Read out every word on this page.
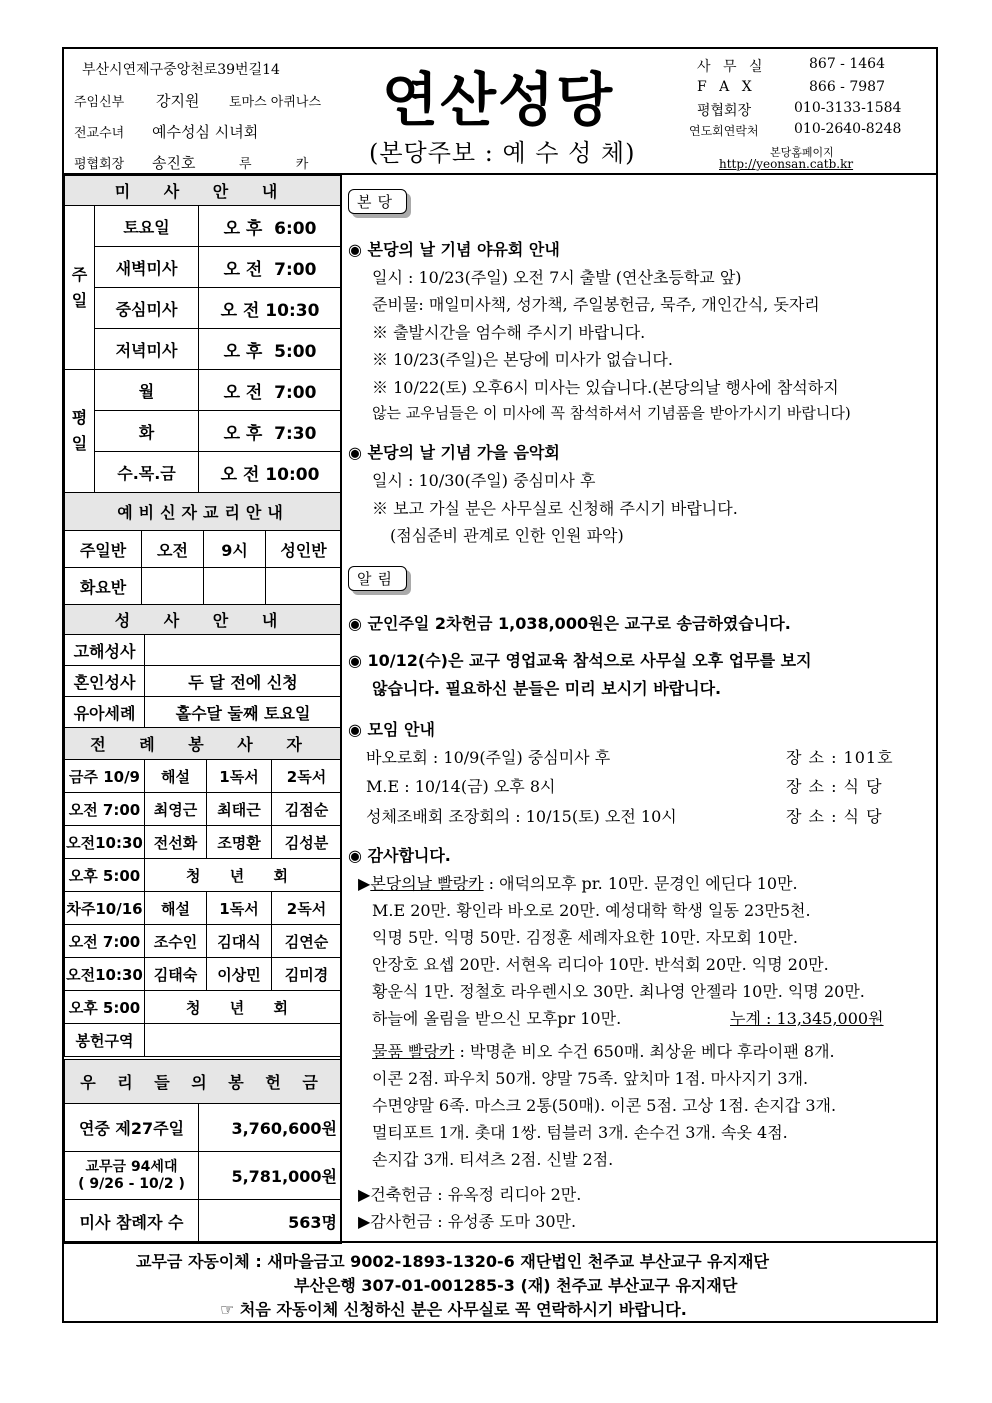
부산시연제구중앙천로39번길14
주임신부 강지원 토마스 아퀴나스
전교수녀 예수성심 시녀회
평협회장 송진호	루 카
연산성당
(본당주보 : 예 수 성 체)
사 무 실	867 - 1464
F A X	866 - 7987
평협회장	010-3133-1584
연도회연락처	010-2640-8248
본당홈페이지
http://yeonsan.catb.kr
미 사 안 내		
주일	토요일	오 후  6:00
	새벽미사	오 전  7:00
	중심미사	오 전 10:30
	저녁미사	오 후  5:00
평일	월	오 전  7:00
	화	오 후  7:30
	수.목.금	오 전 10:00
예비신자교리안내			
주일반	오전	9시	성인반
화요반			
성 사 안 내	
고해성사	
혼인성사	두 달 전에 신청
유아세례	홀수달 둘째 토요일
전 례 봉 사 자			
금주 10/9	해설	1독서	2독서
오전 7:00	최영근	최태근	김점순
오전10:30	전선화	조명환	김성분
오후 5:00	청 년 회		
차주10/16	해설	1독서	2독서
오전 7:00	조수인	김대식	김연순
오전10:30	김태숙	이상민	김미경
오후 5:00	청 년 회		
봉헌구역			
우 리 들 의 봉 헌 금	
연중 제27주일	3,760,600원
교무금 94세대
( 9/26 - 10/2 )	5,781,000원
미사 참례자 수	563명
본당
◉ 본당의 날 기념 야유회 안내
일시 : 10/23(주일) 오전 7시 출발 (연산초등학교 앞)
준비물: 매일미사책, 성가책, 주일봉헌금, 묵주, 개인간식, 돗자리
※ 출발시간을 엄수해 주시기 바랍니다.
※ 10/23(주일)은 본당에 미사가 없습니다.
※ 10/22(토) 오후6시 미사는 있습니다.(본당의날 행사에 참석하지
않는 교우님들은 이 미사에 꼭 참석하셔서 기념품을 받아가시기 바랍니다)
◉ 본당의 날 기념 가을 음악회
일시 : 10/30(주일) 중심미사 후
※ 보고 가실 분은 사무실로 신청해 주시기 바랍니다.
(점심준비 관계로 인한 인원 파악)
알림
◉ 군인주일 2차헌금 1,038,000원은 교구로 송금하였습니다.
◉ 10/12(수)은 교구 영업교육 참석으로 사무실 오후 업무를 보지
않습니다. 필요하신 분들은 미리 보시기 바랍니다.
◉ 모임 안내
바오로회 : 10/9(주일) 중심미사 후	장 소 : 101호
M.E : 10/14(금) 오후 8시	장 소 : 식 당
성체조배회 조장회의 : 10/15(토) 오전 10시	장 소 : 식 당
◉ 감사합니다.
▶본당의날 빨랑카 : 애덕의모후 pr. 10만. 문경인 에딘다 10만.
M.E 20만. 황인라 바오로 20만. 예성대학 학생 일동 23만5천.
익명 5만. 익명 50만. 김정훈 세례자요한 10만. 자모회 10만.
안장호 요셉 20만. 서현옥 리디아 10만. 반석회 20만. 익명 20만.
황운식 1만. 정철호 라우렌시오 30만. 최나영 안젤라 10만. 익명 20만.
하늘에 올림을 받으신 모후pr 10만.	누계 : 13,345,000원
물품 빨랑카 : 박명춘 비오 수건 650매. 최상윤 베다 후라이팬 8개.
이콘 2점. 파우치 50개. 양말 75족. 앞치마 1점. 마사지기 3개.
수면양말 6족. 마스크 2통(50매). 이콘 5점. 고상 1점. 손지갑 3개.
멀티포트 1개. 촛대 1쌍. 텀블러 3개. 손수건 3개. 속옷 4점.
손지갑 3개. 티셔츠 2점. 신발 2점.
▶건축헌금 : 유옥정 리디아 2만.
▶감사헌금 : 유성종 도마 30만.
교무금 자동이체 : 새마을금고 9002-1893-1320-6 재단법인 천주교 부산교구 유지재단
부산은행 307-01-001285-3 (재) 천주교 부산교구 유지재단
☞ 처음 자동이체 신청하신 분은 사무실로 꼭 연락하시기 바랍니다.
